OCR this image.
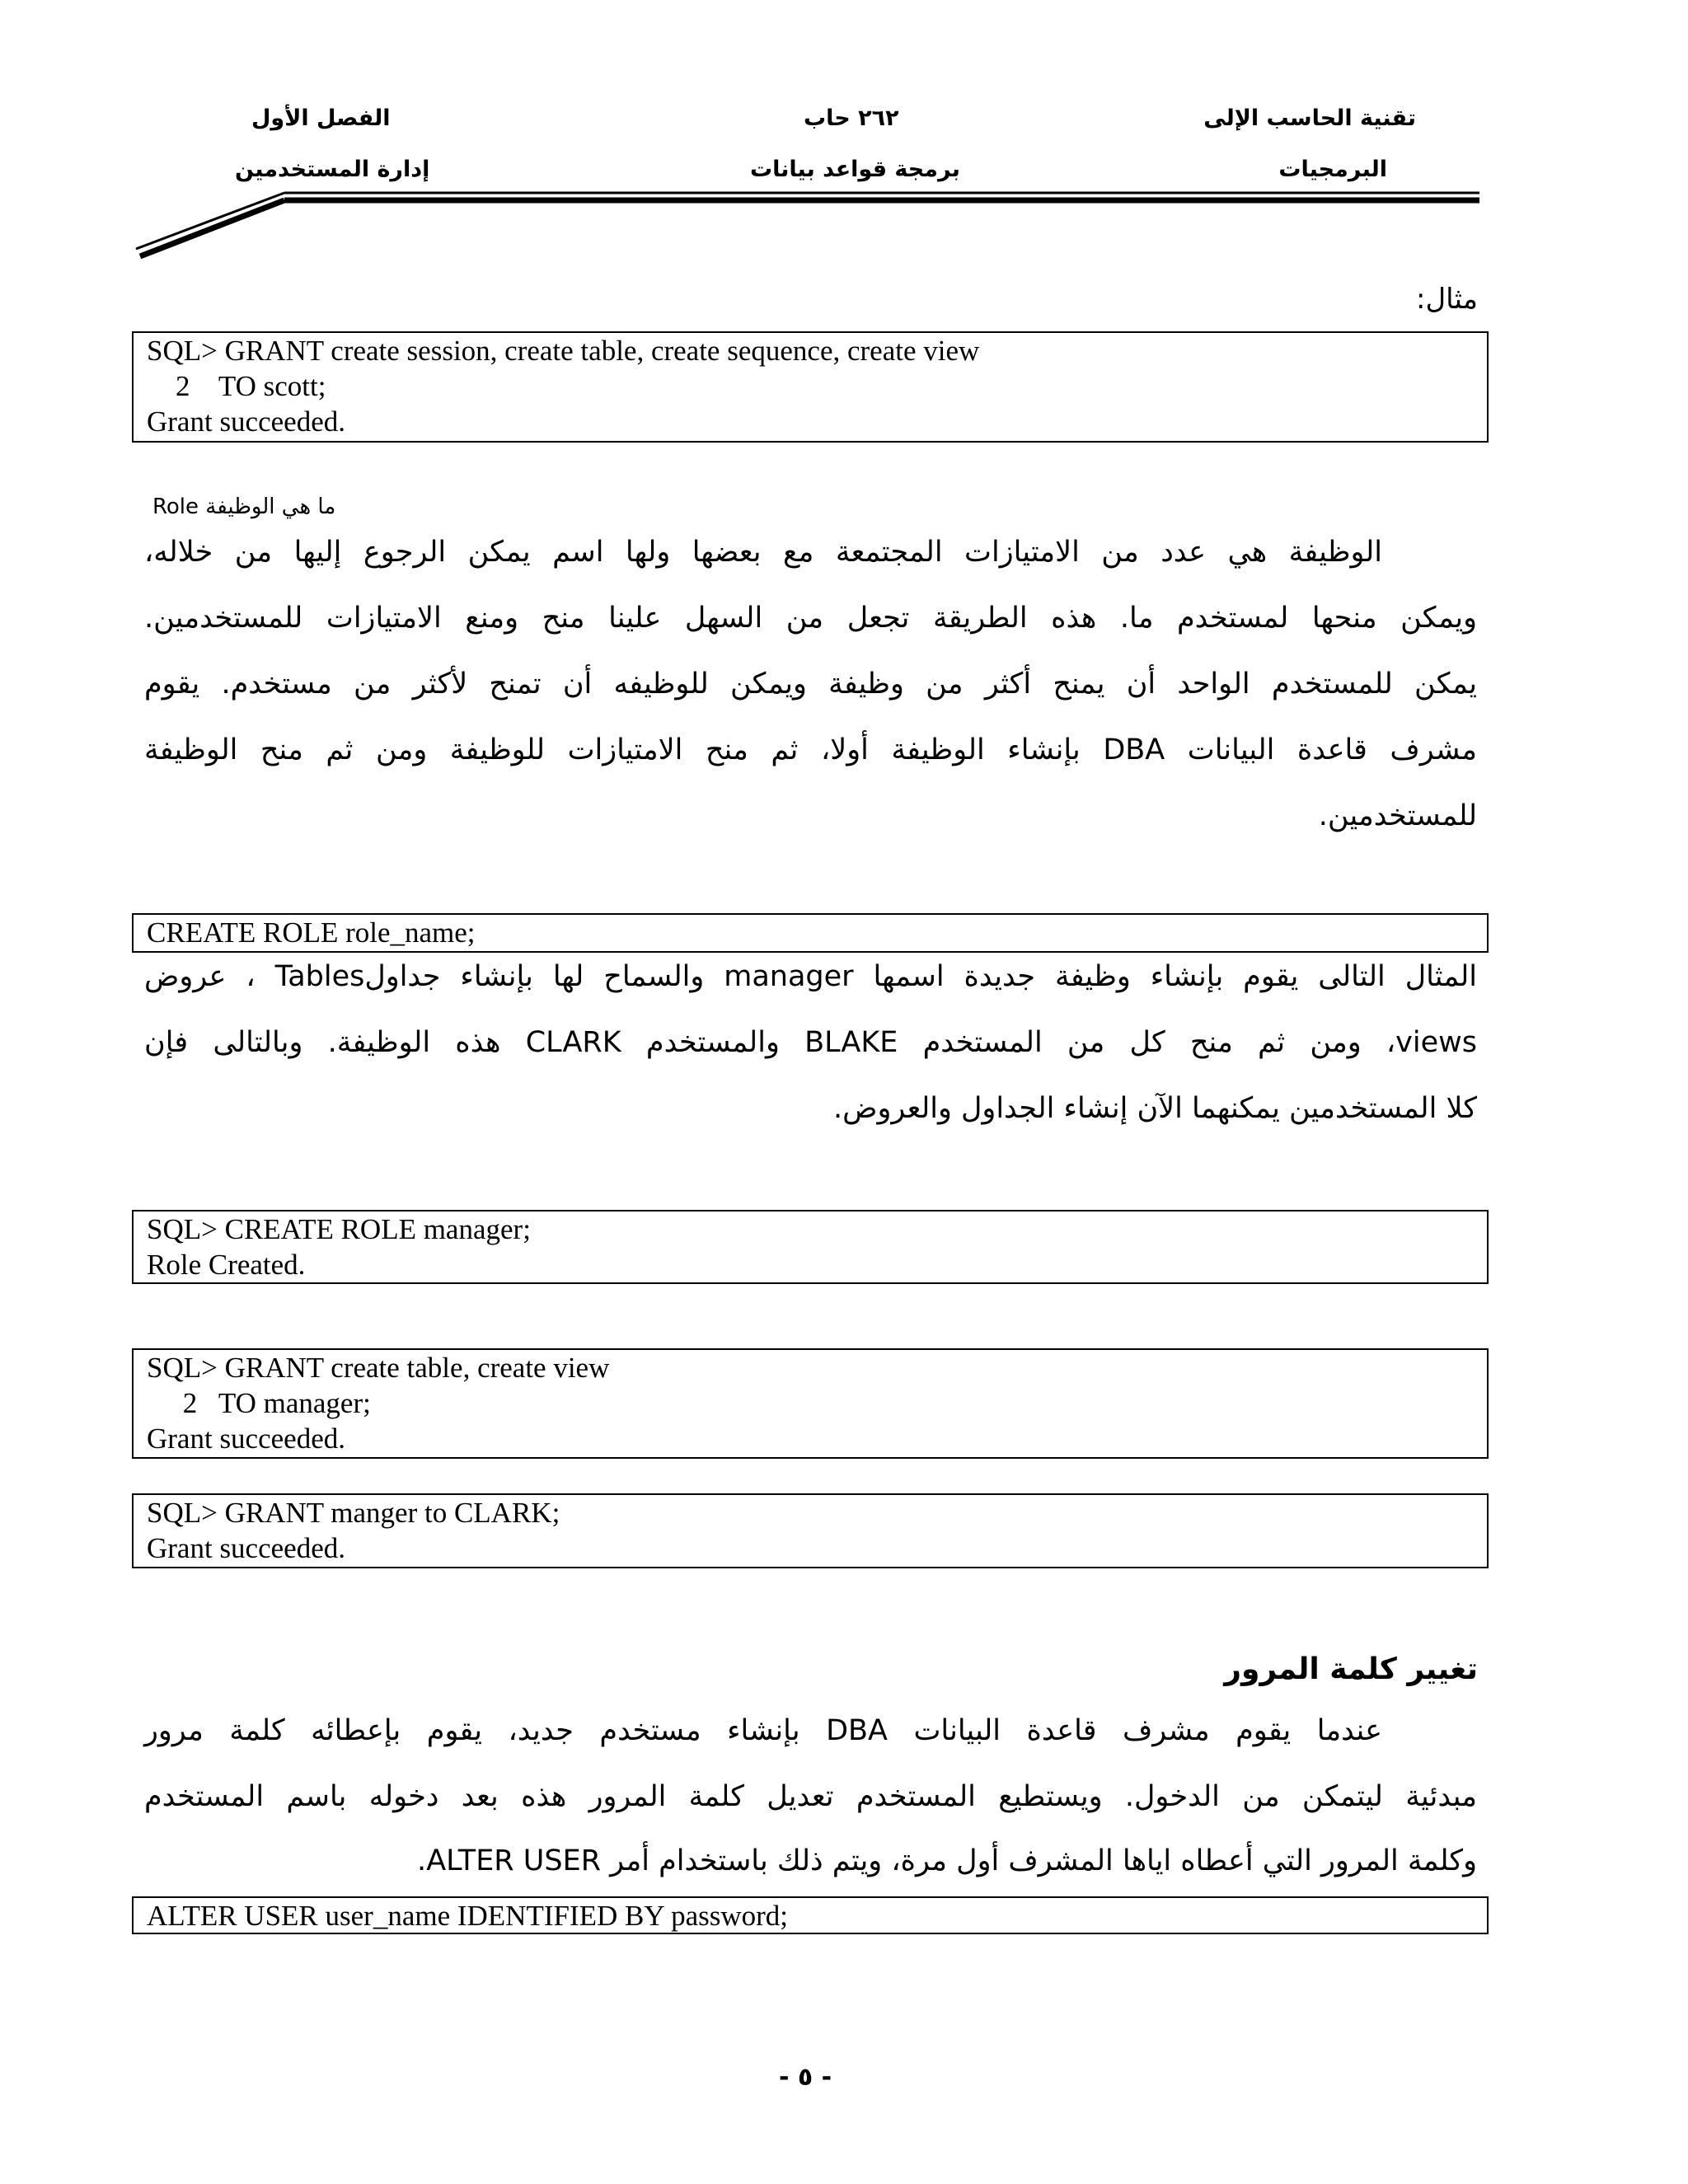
تقنية الحاسب الإلى
البرمجيات
٢٦٢ حاب
برمجة قواعد بيانات
الفصل الأول
إدارة المستخدمين
مثال:
SQL> GRANT create session, create table, create sequence, create view
2    TO scott;
Grant succeeded.
ما هي الوظيفة Role
الوظيفة هي عدد من الامتيازات المجتمعة مع بعضها ولها اسم يمكن الرجوع إليها من خلاله،
ويمكن منحها لمستخدم ما. هذه الطريقة تجعل من السهل علينا منح ومنع الامتيازات للمستخدمين.
يمكن للمستخدم الواحد أن يمنح أكثر من وظيفة ويمكن للوظيفه أن تمنح لأكثر من مستخدم. يقوم
مشرف قاعدة البيانات DBA بإنشاء الوظيفة أولا، ثم منح الامتيازات للوظيفة ومن ثم منح الوظيفة
للمستخدمين.
CREATE ROLE role_name;
المثال التالى يقوم بإنشاء وظيفة جديدة اسمها manager والسماح لها بإنشاء جداولTables ، عروض
views، ومن ثم منح كل من المستخدم BLAKE والمستخدم CLARK هذه الوظيفة. وبالتالى فإن
كلا المستخدمين يمكنهما الآن إنشاء الجداول والعروض.
SQL> CREATE ROLE manager;
Role Created.
SQL> GRANT create table, create view
2   TO manager;
Grant succeeded.
SQL> GRANT manger to CLARK;
Grant succeeded.
تغيير كلمة المرور
عندما يقوم مشرف قاعدة البيانات DBA بإنشاء مستخدم جديد، يقوم بإعطائه كلمة مرور
مبدئية ليتمكن من الدخول. ويستطيع المستخدم تعديل كلمة المرور هذه بعد دخوله باسم المستخدم
وكلمة المرور التي أعطاه اياها المشرف أول مرة، ويتم ذلك باستخدام أمر ALTER USER.
ALTER USER user_name IDENTIFIED BY password;
- ٥ -
